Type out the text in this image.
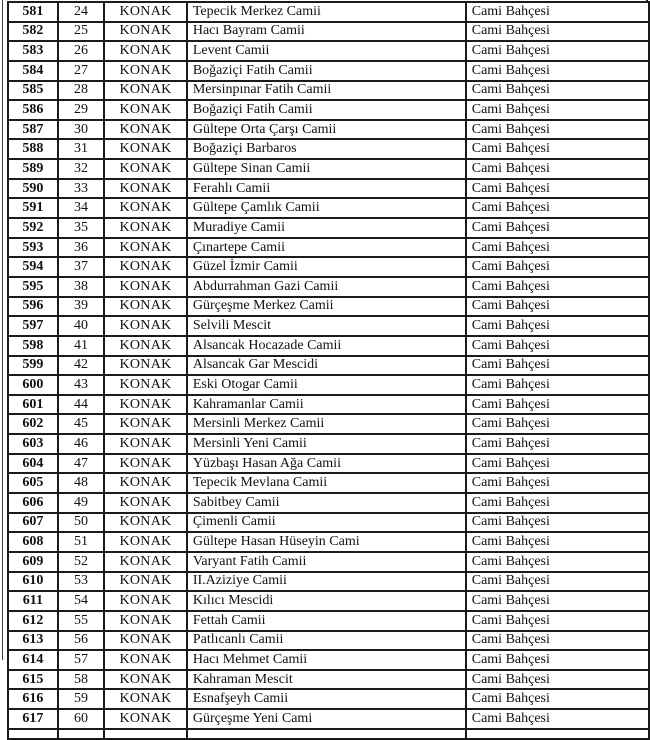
581	24	KONAK	Tepecik Merkez Camii	Cami Bahçesi
582	25	KONAK	Hacı Bayram Camii	Cami Bahçesi
583	26	KONAK	Levent Camii	Cami Bahçesi
584	27	KONAK	Boğaziçi Fatih Camii	Cami Bahçesi
585	28	KONAK	Mersinpınar Fatih Camii	Cami Bahçesi
586	29	KONAK	Boğaziçi Fatih Camii	Cami Bahçesi
587	30	KONAK	Gültepe Orta Çarşı Camii	Cami Bahçesi
588	31	KONAK	Boğaziçi Barbaros	Cami Bahçesi
589	32	KONAK	Gültepe Sinan Camii	Cami Bahçesi
590	33	KONAK	Ferahlı Camii	Cami Bahçesi
591	34	KONAK	Gültepe Çamlık Camii	Cami Bahçesi
592	35	KONAK	Muradiye Camii	Cami Bahçesi
593	36	KONAK	Çınartepe Camii	Cami Bahçesi
594	37	KONAK	Güzel İzmir Camii	Cami Bahçesi
595	38	KONAK	Abdurrahman Gazi Camii	Cami Bahçesi
596	39	KONAK	Gürçeşme Merkez Camii	Cami Bahçesi
597	40	KONAK	Selvili Mescit	Cami Bahçesi
598	41	KONAK	Alsancak Hocazade Camii	Cami Bahçesi
599	42	KONAK	Alsancak Gar Mescidi	Cami Bahçesi
600	43	KONAK	Eski Otogar Camii	Cami Bahçesi
601	44	KONAK	Kahramanlar Camii	Cami Bahçesi
602	45	KONAK	Mersinli Merkez Camii	Cami Bahçesi
603	46	KONAK	Mersinli Yeni Camii	Cami Bahçesi
604	47	KONAK	Yüzbaşı Hasan Ağa Camii	Cami Bahçesi
605	48	KONAK	Tepecik Mevlana Camii	Cami Bahçesi
606	49	KONAK	Sabitbey Camii	Cami Bahçesi
607	50	KONAK	Çimenli Camii	Cami Bahçesi
608	51	KONAK	Gültepe Hasan Hüseyin Cami	Cami Bahçesi
609	52	KONAK	Varyant Fatih Camii	Cami Bahçesi
610	53	KONAK	II.Aziziye Camii	Cami Bahçesi
611	54	KONAK	Kılıcı Mescidi	Cami Bahçesi
612	55	KONAK	Fettah Camii	Cami Bahçesi
613	56	KONAK	Patlıcanlı Camii	Cami Bahçesi
614	57	KONAK	Hacı Mehmet Camii	Cami Bahçesi
615	58	KONAK	Kahraman Mescit	Cami Bahçesi
616	59	KONAK	Esnafşeyh Camii	Cami Bahçesi
617	60	KONAK	Gürçeşme Yeni Cami	Cami Bahçesi
